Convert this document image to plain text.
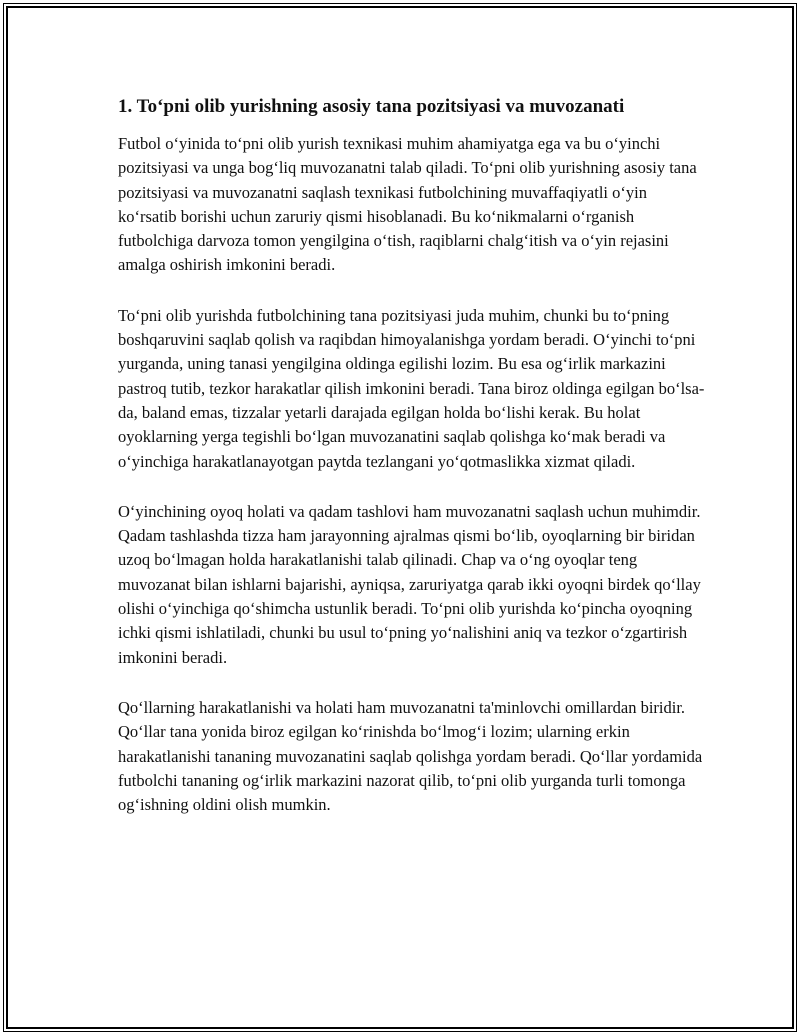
1. To‘pni olib yurishning asosiy tana pozitsiyasi va muvozanati

Futbol o‘yinida to‘pni olib yurish texnikasi muhim ahamiyatga ega va bu o‘yinchi pozitsiyasi va unga bog‘liq muvozanatni talab qiladi. To‘pni olib yurishning asosiy tana pozitsiyasi va muvozanatni saqlash texnikasi futbolchining muvaffaqiyatli o‘yin ko‘rsatib borishi uchun zaruriy qismi hisoblanadi. Bu ko‘nikmalarni o‘rganish futbolchiga darvoza tomon yengilgina o‘tish, raqiblarni chalg‘itish va o‘yin rejasini amalga oshirish imkonini beradi.

To‘pni olib yurishda futbolchining tana pozitsiyasi juda muhim, chunki bu to‘pning boshqaruvini saqlab qolish va raqibdan himoyalanishga yordam beradi. O‘yinchi to‘pni yurganda, uning tanasi yengilgina oldinga egilishi lozim. Bu esa og‘irlik markazini pastroq tutib, tezkor harakatlar qilish imkonini beradi. Tana biroz oldinga egilgan bo‘lsa-da, baland emas, tizzalar yetarli darajada egilgan holda bo‘lishi kerak. Bu holat oyoklarning yerga tegishli bo‘lgan muvozanatini saqlab qolishga ko‘mak beradi va o‘yinchiga harakatlanayotgan paytda tezlangani yo‘qotmaslikka xizmat qiladi.

O‘yinchining oyoq holati va qadam tashlovi ham muvozanatni saqlash uchun muhimdir. Qadam tashlashda tizza ham jarayonning ajralmas qismi bo‘lib, oyoqlarning bir biridan uzoq bo‘lmagan holda harakatlanishi talab qilinadi. Chap va o‘ng oyoqlar teng muvozanat bilan ishlarni bajarishi, ayniqsa, zaruriyatga qarab ikki oyoqni birdek qo‘llay olishi o‘yinchiga qo‘shimcha ustunlik beradi. To‘pni olib yurishda ko‘pincha oyoqning ichki qismi ishlatiladi, chunki bu usul to‘pning yo‘nalishini aniq va tezkor o‘zgartirish imkonini beradi.

Qo‘llarning harakatlanishi va holati ham muvozanatni ta'minlovchi omillardan biridir. Qo‘llar tana yonida biroz egilgan ko‘rinishda bo‘lmog‘i lozim; ularning erkin harakatlanishi tananing muvozanatini saqlab qolishga yordam beradi. Qo‘llar yordamida futbolchi tananing og‘irlik markazini nazorat qilib, to‘pni olib yurganda turli tomonga og‘ishning oldini olish mumkin.
